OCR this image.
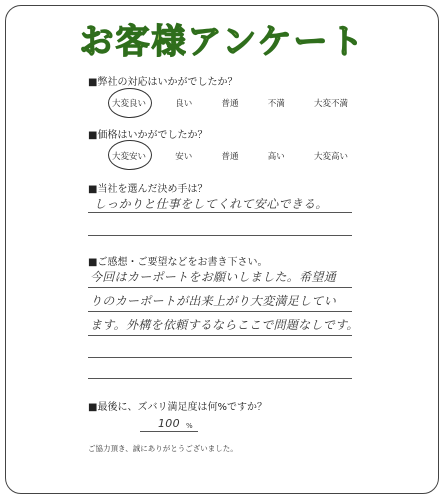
お客様アンケート
■弊社の対応はいかがでしたか？
大変良い	良い	普通	不満	大変不満
■価格はいかがでしたか？
大変安い	安い	普通	高い	大変高い
■当社を選んだ決め手は？
しっかりと仕事をしてくれて安心できる。
■ご感想・ご要望などをお書き下さい。
今回はカーポートをお願いしました。希望通
りのカーポートが出来上がり大変満足してい
ます。外構を依頼するならここで問題なしです。
■最後に、ズバリ満足度は何%ですか？
100 %
ご協力頂き、誠にありがとうございました。
